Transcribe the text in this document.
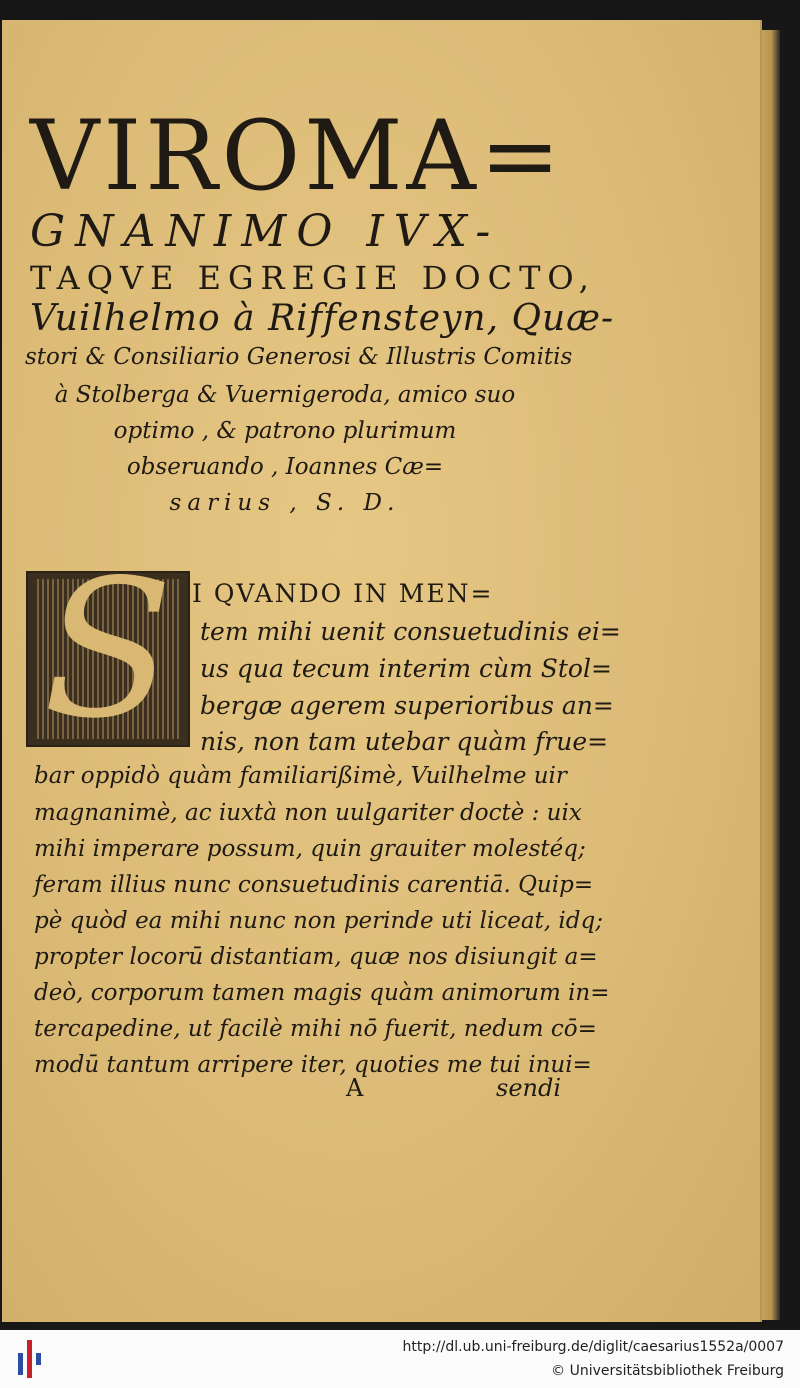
VIROMA=
GNANIMO IVX-
TAQVE EGREGIE DOCTO,
Vuilhelmo à Riffensteyn, Quæ-
stori & Consiliario Generosi & Illustris Comitis
à Stolberga & Vuernigeroda, amico suo
optimo , & patrono plurimum
obseruando , Ioannes Cæ=
sarius , S. D.
S I QVANDO IN MEN=
tem mihi uenit consuetudinis ei=
us qua tecum interim cùm Stol=
bergæ agerem superioribus an=
nis, non tam utebar quàm frue=
bar oppidò quàm familiarißimè, Vuilhelme uir
magnanimè, ac iuxtà non uulgariter doctè : uix
mihi imperare possum, quin grauiter molestéq;
feram illius nunc consuetudinis carentiā. Quip=
pè quòd ea mihi nunc non perinde uti liceat, idq;
propter locorū distantiam, quæ nos disiungit a=
deò, corporum tamen magis quàm animorum in=
tercapedine, ut facilè mihi nō fuerit, nedum cō=
modū tantum arripere iter, quoties me tui inui=
A	sendi
http://dl.ub.uni-freiburg.de/diglit/caesarius1552a/0007
© Universitätsbibliothek Freiburg
